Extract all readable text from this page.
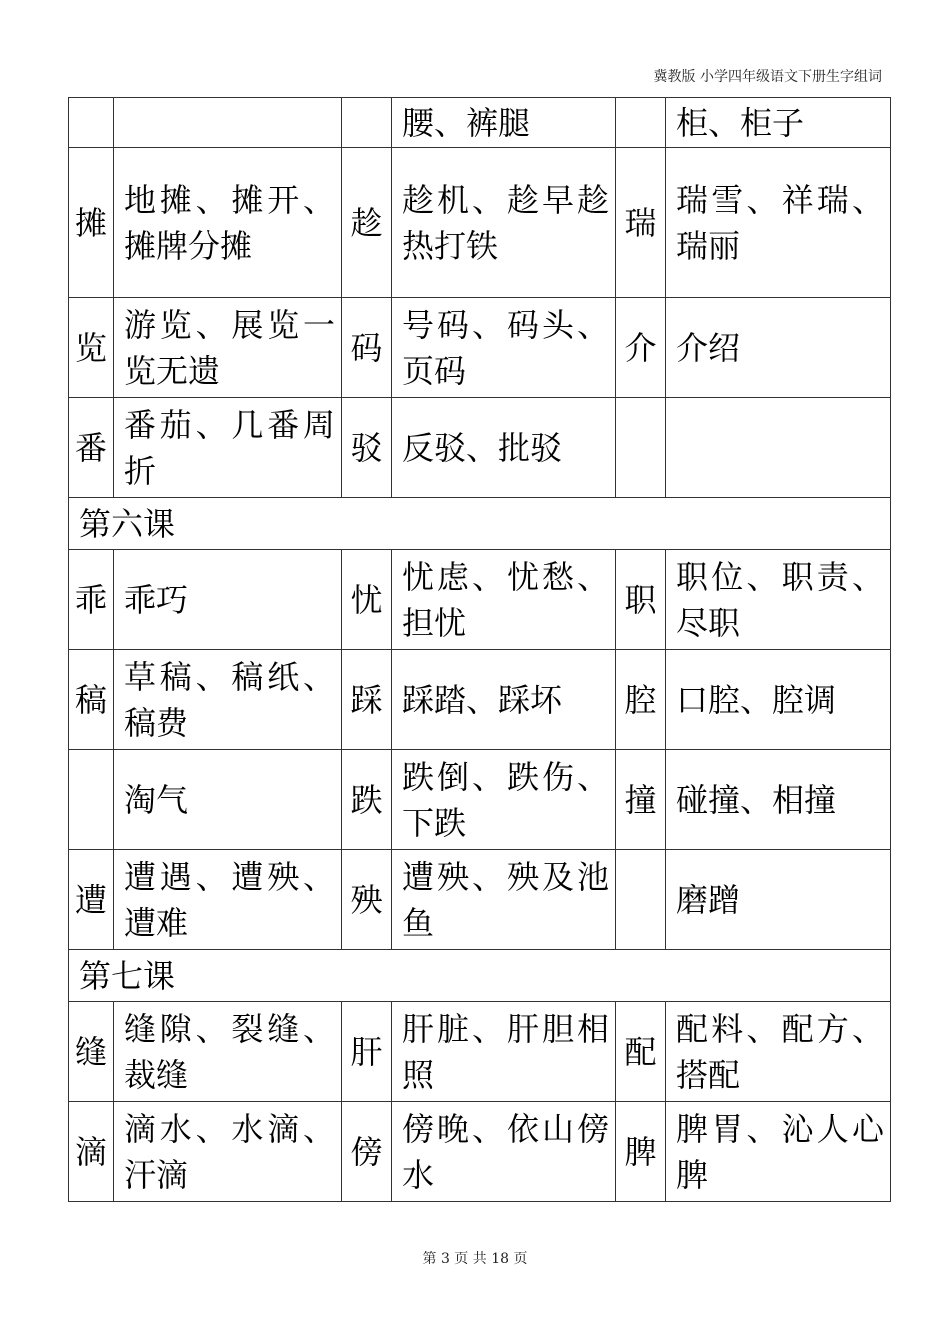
冀教版 小学四年级语文下册生字组词
			腰、裤腿		柜、柜子
摊	地摊、摊开、摊牌分摊	趁	趁机、趁早趁热打铁	瑞	瑞雪、祥瑞、瑞丽
览	游览、展览一览无遗	码	号码、码头、页码	介	介绍
番	番茄、几番周折	驳	反驳、批驳		
第六课					
乖	乖巧	忧	忧虑、忧愁、担忧	职	职位、职责、尽职
稿	草稿、稿纸、稿费	踩	踩踏、踩坏	腔	口腔、腔调
	淘气	跌	跌倒、跌伤、下跌	撞	碰撞、相撞
遭	遭遇、遭殃、遭难	殃	遭殃、殃及池鱼		磨蹭
第七课					
缝	缝隙、裂缝、裁缝	肝	肝脏、肝胆相照	配	配料、配方、搭配
滴	滴水、水滴、汗滴	傍	傍晚、依山傍水	脾	脾胃、沁人心脾
第 3 页 共 18 页
